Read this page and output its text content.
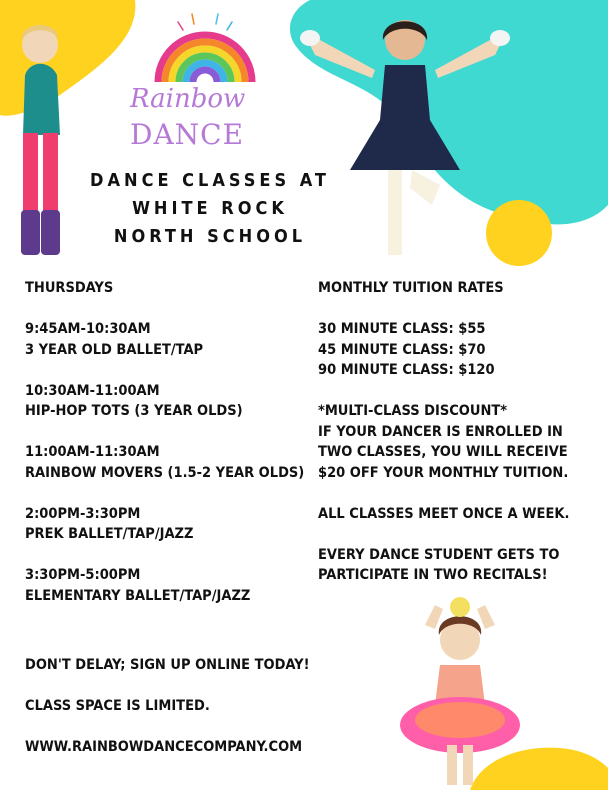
Rainbow
DANCE
DANCE CLASSES AT
WHITE ROCK
NORTH SCHOOL
THURSDAYS
9:45AM-10:30AM
3 YEAR OLD BALLET/TAP
10:30AM-11:00AM
HIP-HOP TOTS (3 YEAR OLDS)
11:00AM-11:30AM
RAINBOW MOVERS (1.5-2 YEAR OLDS)
2:00PM-3:30PM
PREK BALLET/TAP/JAZZ
3:30PM-5:00PM
ELEMENTARY BALLET/TAP/JAZZ
MONTHLY TUITION RATES
30 MINUTE CLASS: $55
45 MINUTE CLASS: $70
90 MINUTE CLASS: $120
*MULTI-CLASS DISCOUNT*
IF YOUR DANCER IS ENROLLED IN
TWO CLASSES, YOU WILL RECEIVE
$20 OFF YOUR MONTHLY TUITION.
ALL CLASSES MEET ONCE A WEEK.
EVERY DANCE STUDENT GETS TO
PARTICIPATE IN TWO RECITALS!
DON'T DELAY; SIGN UP ONLINE TODAY!
CLASS SPACE IS LIMITED.
WWW.RAINBOWDANCECOMPANY.COM
